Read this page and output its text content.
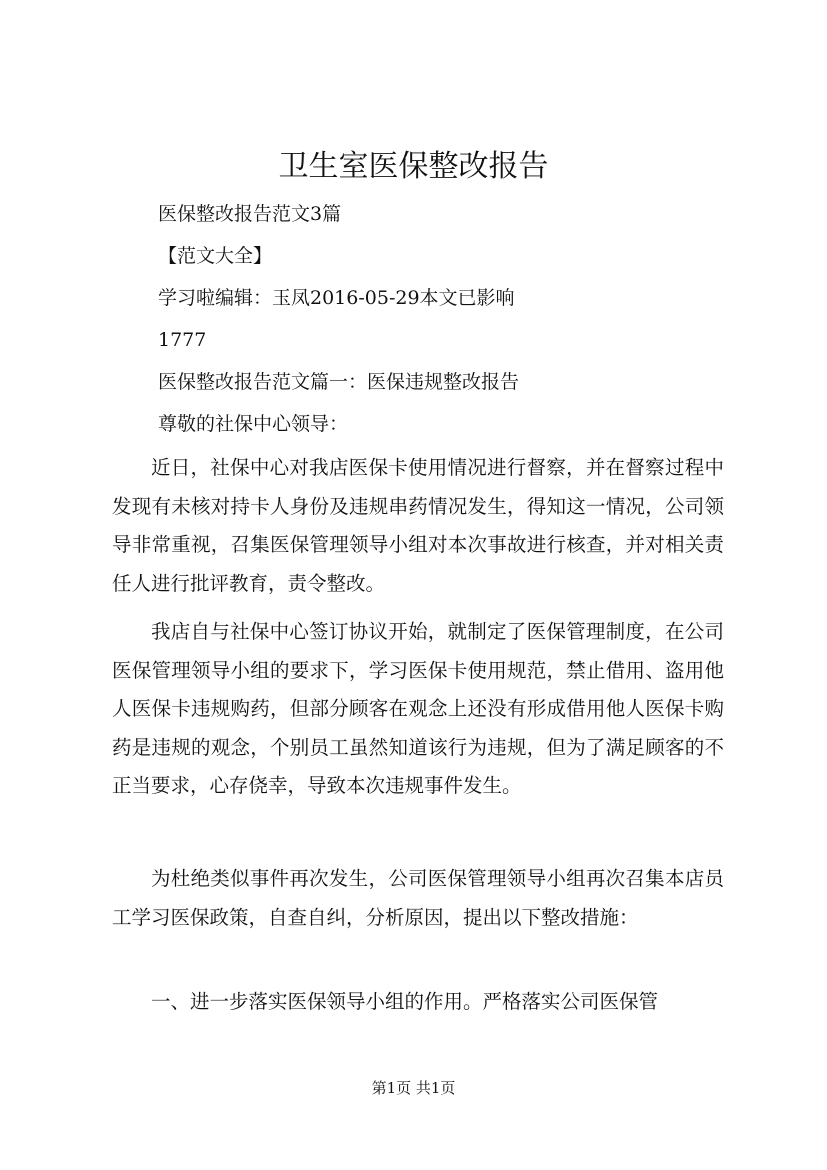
卫生室医保整改报告
医保整改报告范文3篇
【范文大全】
学习啦编辑：玉凤2016-05-29本文已影响
1777
医保整改报告范文篇一：医保违规整改报告
尊敬的社保中心领导：

近日，社保中心对我店医保卡使用情况进行督察，并在督察过程中发现有未核对持卡人身份及违规串药情况发生，得知这一情况，公司领导非常重视，召集医保管理领导小组对本次事故进行核查，并对相关责任人进行批评教育，责令整改。

我店自与社保中心签订协议开始，就制定了医保管理制度，在公司医保管理领导小组的要求下，学习医保卡使用规范，禁止借用、盗用他人医保卡违规购药，但部分顾客在观念上还没有形成借用他人医保卡购药是违规的观念，个别员工虽然知道该行为违规，但为了满足顾客的不正当要求，心存侥幸，导致本次违规事件发生。

为杜绝类似事件再次发生，公司医保管理领导小组再次召集本店员工学习医保政策，自查自纠，分析原因，提出以下整改措施：

一、进一步落实医保领导小组的作用。严格落实公司医保管

第1页 共1页
